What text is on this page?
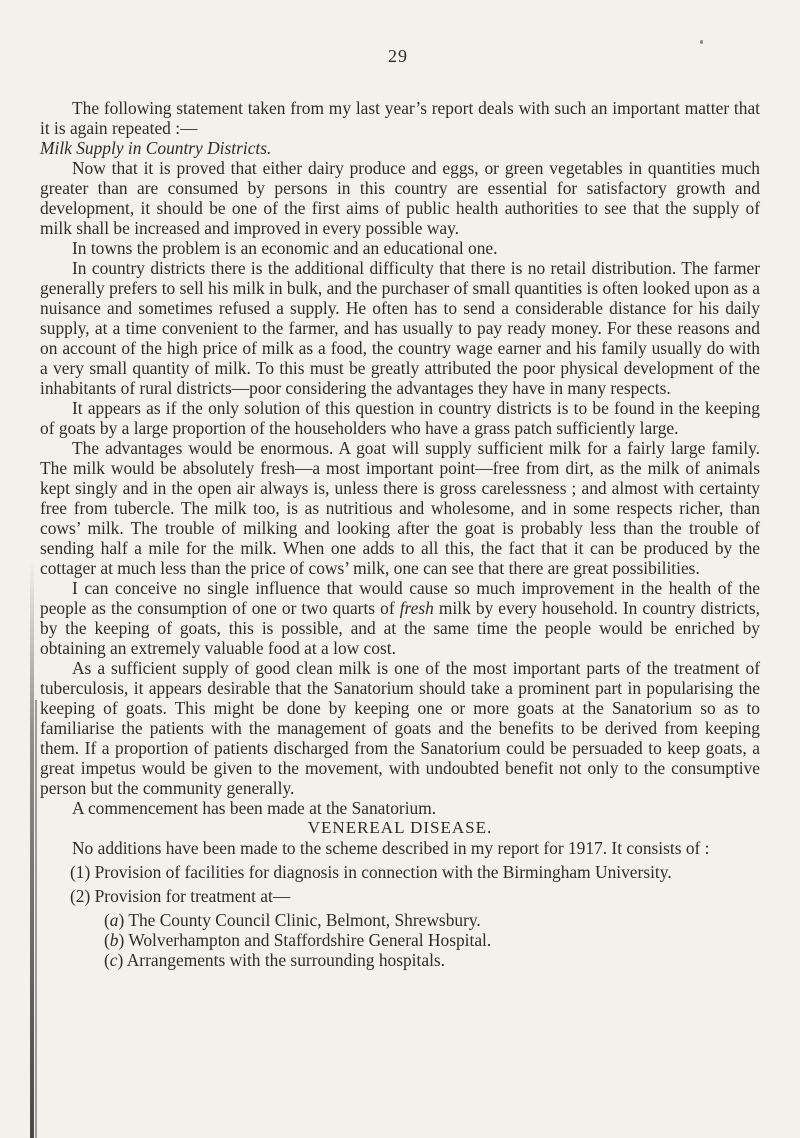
29

The following statement taken from my last year’s report deals with such an important matter that it is again repeated :—

Milk Supply in Country Districts.

Now that it is proved that either dairy produce and eggs, or green vegetables in quantities much greater than are consumed by persons in this country are essential for satisfactory growth and development, it should be one of the first aims of public health authorities to see that the supply of milk shall be increased and improved in every possible way.

In towns the problem is an economic and an educational one.

In country districts there is the additional difficulty that there is no retail distribution. The farmer generally prefers to sell his milk in bulk, and the purchaser of small quantities is often looked upon as a nuisance and sometimes refused a supply. He often has to send a considerable distance for his daily supply, at a time convenient to the farmer, and has usually to pay ready money. For these reasons and on account of the high price of milk as a food, the country wage earner and his family usually do with a very small quantity of milk. To this must be greatly attributed the poor physical development of the inhabitants of rural districts—poor considering the advantages they have in many respects.

It appears as if the only solution of this question in country districts is to be found in the keeping of goats by a large proportion of the householders who have a grass patch sufficiently large.

The advantages would be enormous. A goat will supply sufficient milk for a fairly large family. The milk would be absolutely fresh—a most important point—free from dirt, as the milk of animals kept singly and in the open air always is, unless there is gross carelessness ; and almost with certainty free from tubercle. The milk too, is as nutritious and wholesome, and in some respects richer, than cows’ milk. The trouble of milking and looking after the goat is probably less than the trouble of sending half a mile for the milk. When one adds to all this, the fact that it can be produced by the cottager at much less than the price of cows’ milk, one can see that there are great possibilities.

I can conceive no single influence that would cause so much improvement in the health of the people as the consumption of one or two quarts of fresh milk by every household. In country districts, by the keeping of goats, this is possible, and at the same time the people would be enriched by obtaining an extremely valuable food at a low cost.

As a sufficient supply of good clean milk is one of the most important parts of the treatment of tuberculosis, it appears desirable that the Sanatorium should take a prominent part in popularising the keeping of goats. This might be done by keeping one or more goats at the Sanatorium so as to familiarise the patients with the management of goats and the benefits to be derived from keeping them. If a proportion of patients discharged from the Sanatorium could be persuaded to keep goats, a great impetus would be given to the movement, with undoubted benefit not only to the consumptive person but the community generally.

A commencement has been made at the Sanatorium.

VENEREAL DISEASE.

No additions have been made to the scheme described in my report for 1917. It consists of :

(1) Provision of facilities for diagnosis in connection with the Birmingham University.
(2) Provision for treatment at—
(a) The County Council Clinic, Belmont, Shrewsbury.
(b) Wolverhampton and Staffordshire General Hospital.
(c) Arrangements with the surrounding hospitals.
